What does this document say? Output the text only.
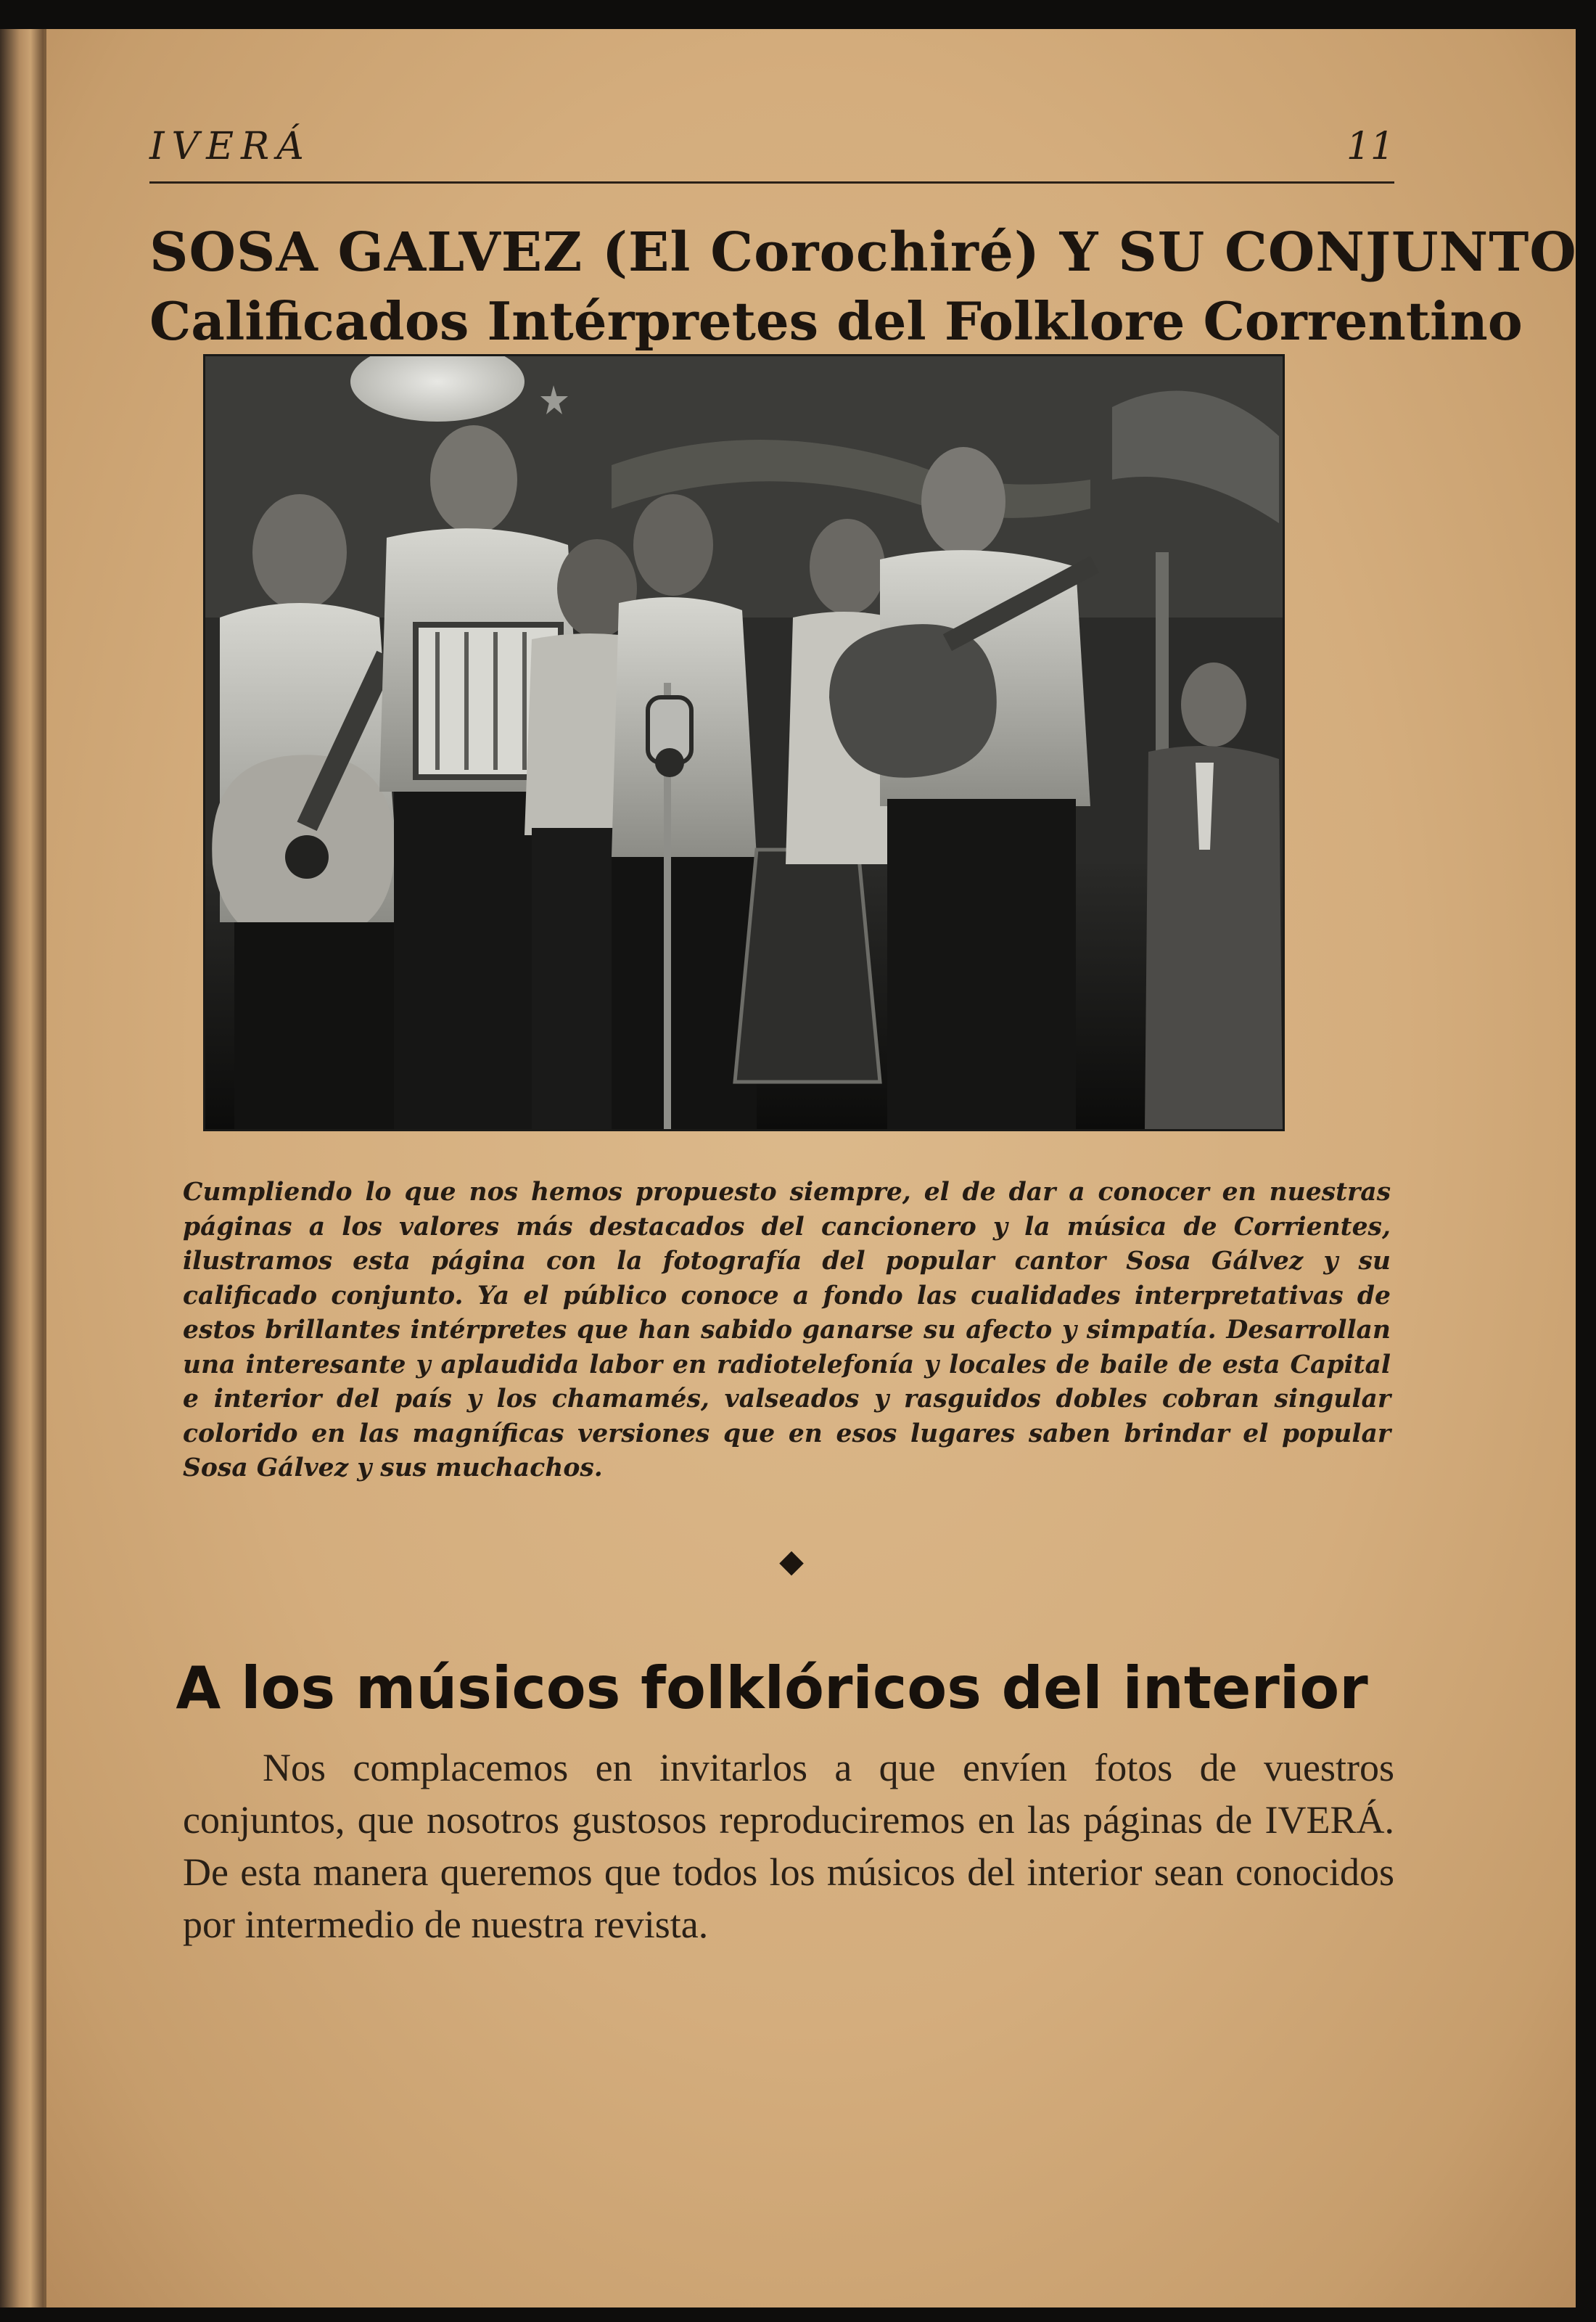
IVERÁ	11
SOSA GALVEZ (El Corochiré) Y SU CONJUNTO
Calificados Intérpretes del Folklore Correntino
Cumpliendo lo que nos hemos propuesto siempre, el de dar a conocer en nuestras páginas a los valores más destacados del cancionero y la música de Corrientes, ilustramos esta página con la fotografía del popular cantor Sosa Gálvez y su calificado conjunto. Ya el público conoce a fondo las cualidades interpretativas de estos brillantes intérpretes que han sabido ganarse su afecto y simpatía. Desarrollan una interesante y aplaudida labor en radiotelefonía y locales de baile de esta Capital e interior del país y los chamamés, valseados y rasguidos dobles cobran singular colorido en las magníficas versiones que en esos lugares saben brindar el popular Sosa Gálvez y sus muchachos.
◆
A los músicos folklóricos del interior
Nos complacemos en invitarlos a que envíen fotos de vuestros conjuntos, que nosotros gustosos reproduciremos en las páginas de IVERÁ. De esta manera queremos que todos los músicos del interior sean conocidos por intermedio de nuestra revista.
